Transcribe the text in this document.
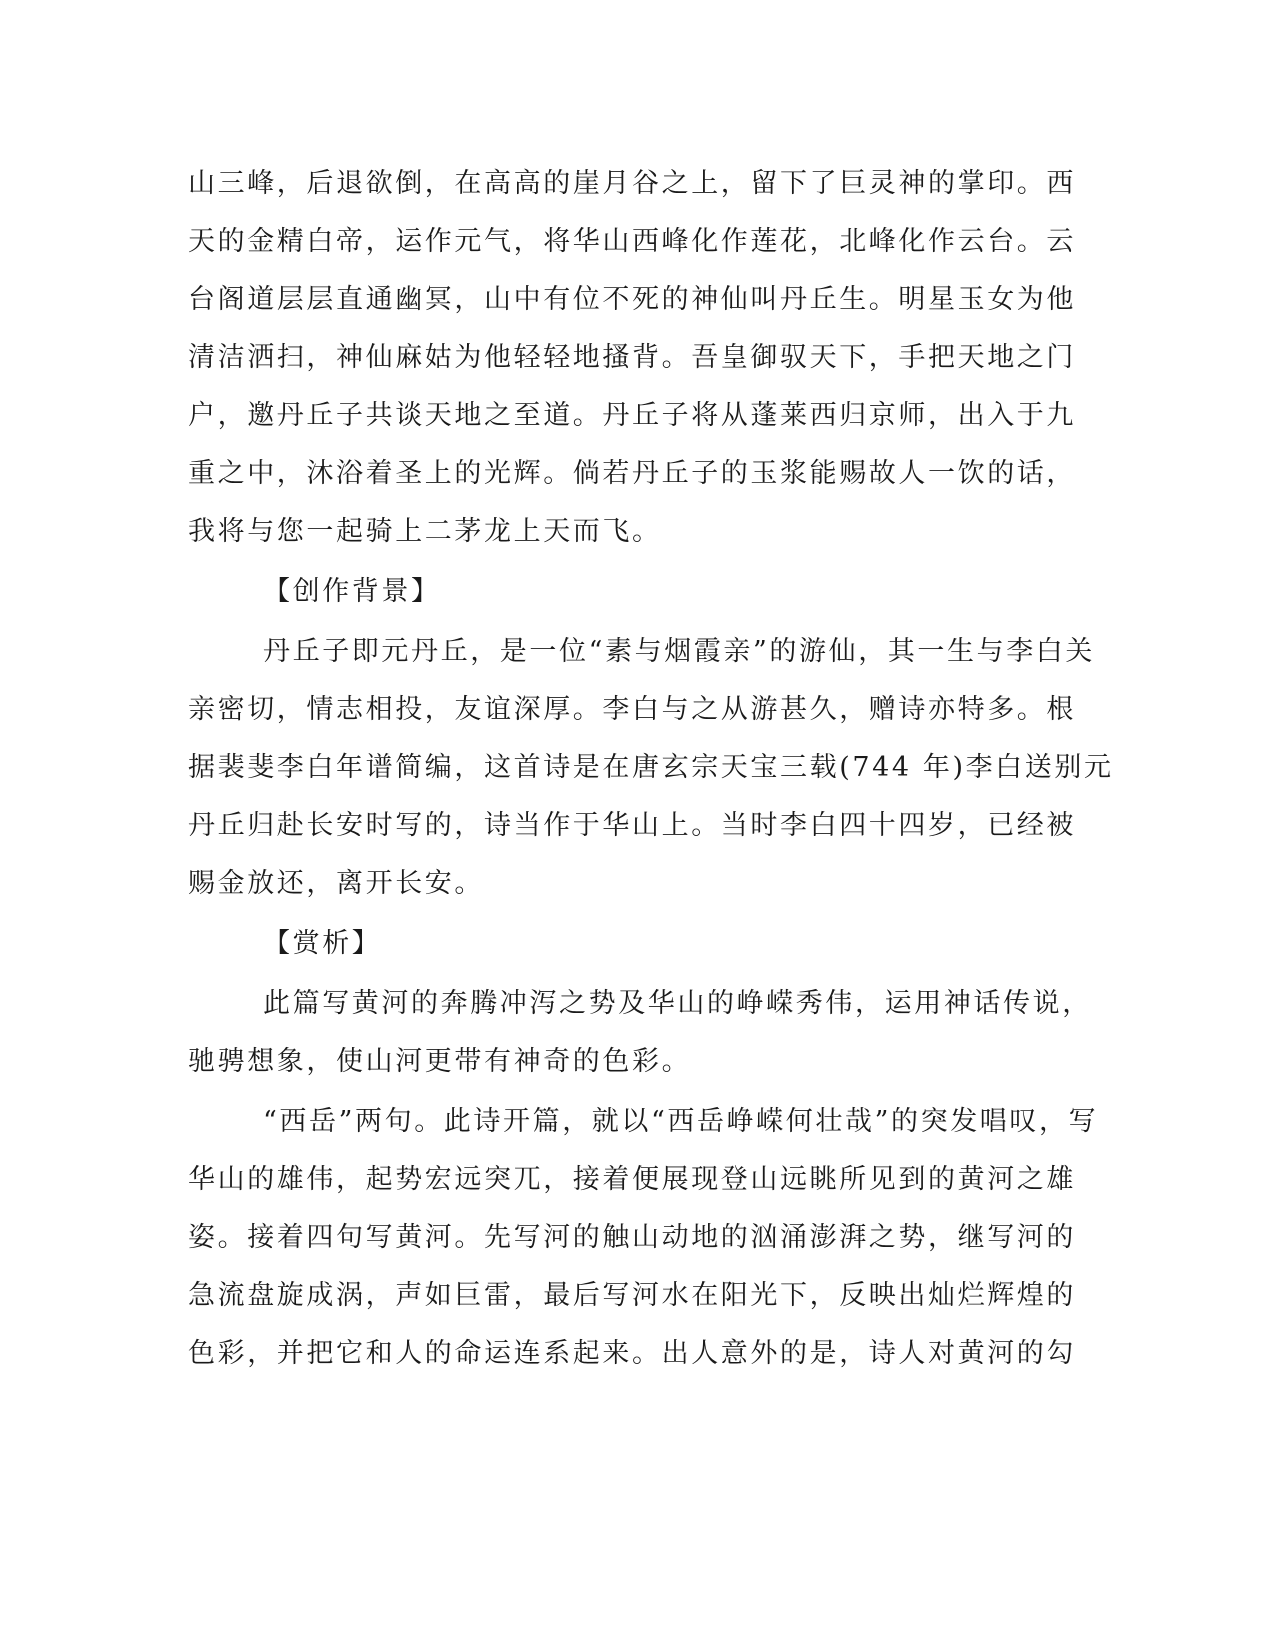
山三峰，后退欲倒，在高高的崖月谷之上，留下了巨灵神的掌印。西
天的金精白帝，运作元气，将华山西峰化作莲花，北峰化作云台。云
台阁道层层直通幽冥，山中有位不死的神仙叫丹丘生。明星玉女为他
清洁洒扫，神仙麻姑为他轻轻地搔背。吾皇御驭天下，手把天地之门
户，邀丹丘子共谈天地之至道。丹丘子将从蓬莱西归京师，出入于九
重之中，沐浴着圣上的光辉。倘若丹丘子的玉浆能赐故人一饮的话，
我将与您一起骑上二茅龙上天而飞。
【创作背景】
丹丘子即元丹丘，是一位“素与烟霞亲”的游仙，其一生与李白关
亲密切，情志相投，友谊深厚。李白与之从游甚久，赠诗亦特多。根
据裴斐李白年谱简编，这首诗是在唐玄宗天宝三载(744 年)李白送别元
丹丘归赴长安时写的，诗当作于华山上。当时李白四十四岁，已经被
赐金放还，离开长安。
【赏析】
此篇写黄河的奔腾冲泻之势及华山的峥嵘秀伟，运用神话传说，
驰骋想象，使山河更带有神奇的色彩。
“西岳”两句。此诗开篇，就以“西岳峥嵘何壮哉”的突发唱叹，写
华山的雄伟，起势宏远突兀，接着便展现登山远眺所见到的黄河之雄
姿。接着四句写黄河。先写河的触山动地的汹涌澎湃之势，继写河的
急流盘旋成涡，声如巨雷，最后写河水在阳光下，反映出灿烂辉煌的
色彩，并把它和人的命运连系起来。出人意外的是，诗人对黄河的勾
